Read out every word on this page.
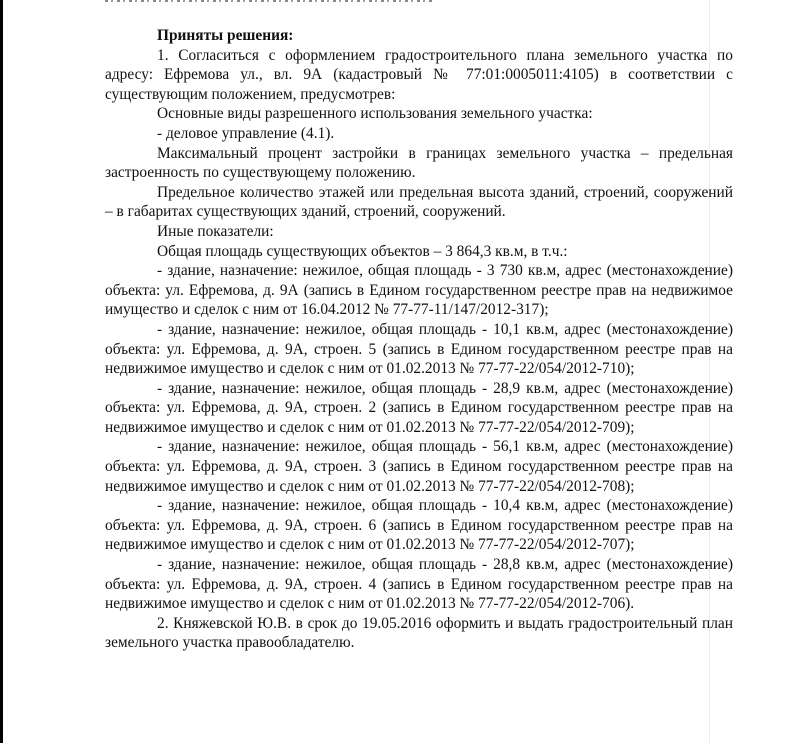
Приняты решения:

1. Согласиться с оформлением градостроительного плана земельного участка по адресу: Ефремова ул., вл. 9А (кадастровый № 77:01:0005011:4105) в соответствии с существующим положением, предусмотрев:

Основные виды разрешенного использования земельного участка:

- деловое управление (4.1).

Максимальный процент застройки в границах земельного участка – предельная застроенность по существующему положению.

Предельное количество этажей или предельная высота зданий, строений, сооружений – в габаритах существующих зданий, строений, сооружений.

Иные показатели:

Общая площадь существующих объектов – 3 864,3 кв.м, в т.ч.:

- здание, назначение: нежилое, общая площадь - 3 730 кв.м, адрес (местонахождение) объекта: ул. Ефремова, д. 9А (запись в Едином государственном реестре прав на недвижимое имущество и сделок с ним от 16.04.2012 № 77-77-11/147/2012-317);

- здание, назначение: нежилое, общая площадь - 10,1 кв.м, адрес (местонахождение) объекта: ул. Ефремова, д. 9А, строен. 5 (запись в Едином государственном реестре прав на недвижимое имущество и сделок с ним от 01.02.2013 № 77-77-22/054/2012-710);

- здание, назначение: нежилое, общая площадь - 28,9 кв.м, адрес (местонахождение) объекта: ул. Ефремова, д. 9А, строен. 2 (запись в Едином государственном реестре прав на недвижимое имущество и сделок с ним от 01.02.2013 № 77-77-22/054/2012-709);

- здание, назначение: нежилое, общая площадь - 56,1 кв.м, адрес (местонахождение) объекта: ул. Ефремова, д. 9А, строен. 3 (запись в Едином государственном реестре прав на недвижимое имущество и сделок с ним от 01.02.2013 № 77-77-22/054/2012-708);

- здание, назначение: нежилое, общая площадь - 10,4 кв.м, адрес (местонахождение) объекта: ул. Ефремова, д. 9А, строен. 6 (запись в Едином государственном реестре прав на недвижимое имущество и сделок с ним от 01.02.2013 № 77-77-22/054/2012-707);

- здание, назначение: нежилое, общая площадь - 28,8 кв.м, адрес (местонахождение) объекта: ул. Ефремова, д. 9А, строен. 4 (запись в Едином государственном реестре прав на недвижимое имущество и сделок с ним от 01.02.2013 № 77-77-22/054/2012-706).

2. Княжевской Ю.В. в срок до 19.05.2016 оформить и выдать градостроительный план земельного участка правообладателю.
